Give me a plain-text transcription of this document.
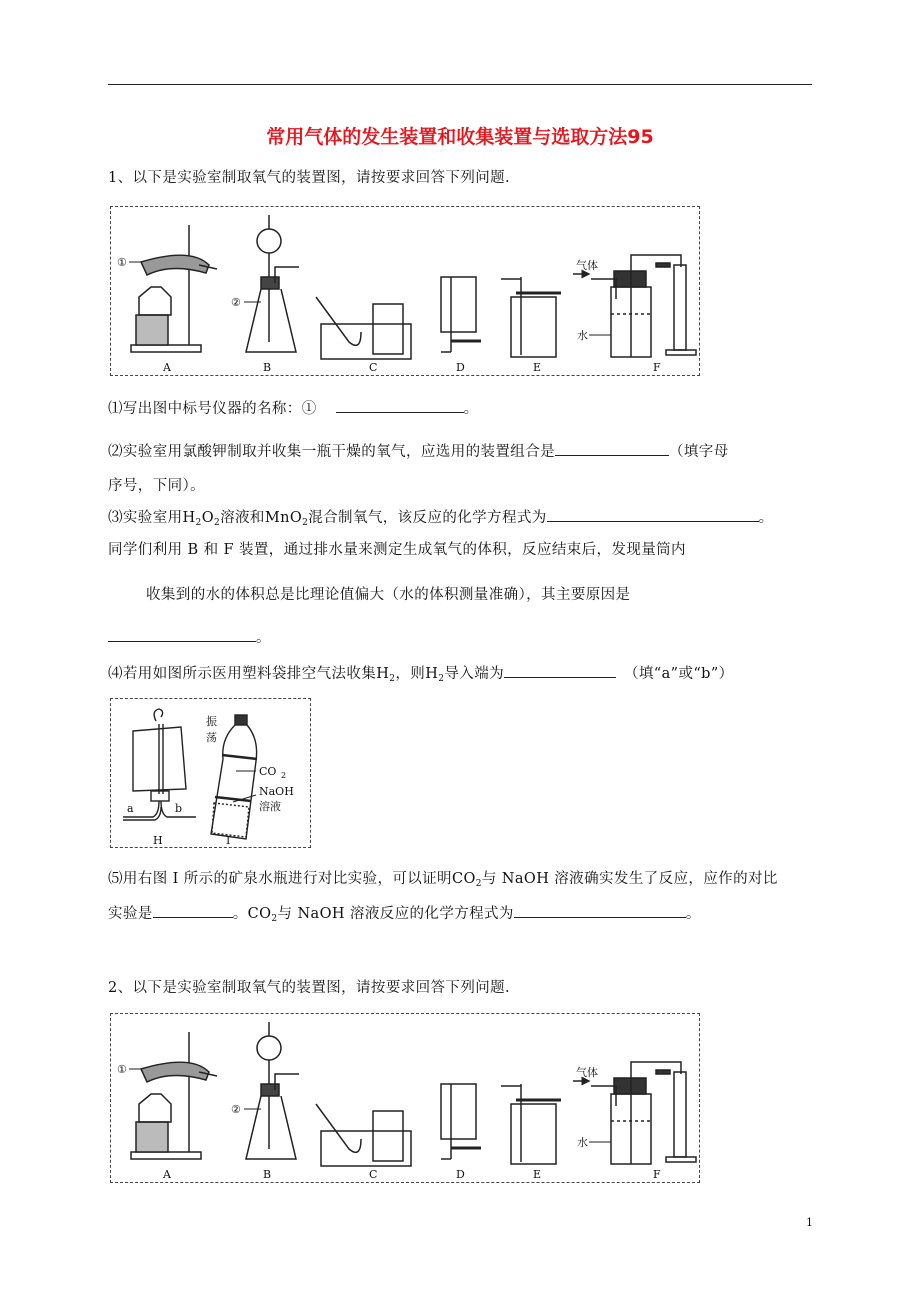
常用气体的发生装置和收集装置与选取方法95
1、以下是实验室制取氧气的装置图，请按要求回答下列问题.
①
②
气体
水
A	B	C	D	E	F
⑴写出图中标号仪器的名称：①	。
⑵实验室用氯酸钾制取并收集一瓶干燥的氧气，应选用的装置组合是	（填字母
序号，下同）。
⑶实验室用$H_2O_2$溶液和MnO$_2$混合制氧气，该反应的化学方程式为	。
同学们利用 B 和 F 装置，通过排水量来测定生成氧气的体积，反应结束后，发现量筒内
收集到的水的体积总是比理论值偏大（水的体积测量准确），其主要原因是
。
⑷若用如图所示医用塑料袋排空气法收集$H_2$，则$H_2$导入端为	（填“a”或“b”）
a	b
H	I
振
荡
CO 2
NaOH
溶液
⑸用右图 I 所示的矿泉水瓶进行对比实验，可以证明$CO_2$与 NaOH 溶液确实发生了反应，应作的对比
实验是	。$CO_2$与 NaOH 溶液反应的化学方程式为	。
2、以下是实验室制取氧气的装置图，请按要求回答下列问题.
①
②
气体
水
A	B	C	D	E	F
1
